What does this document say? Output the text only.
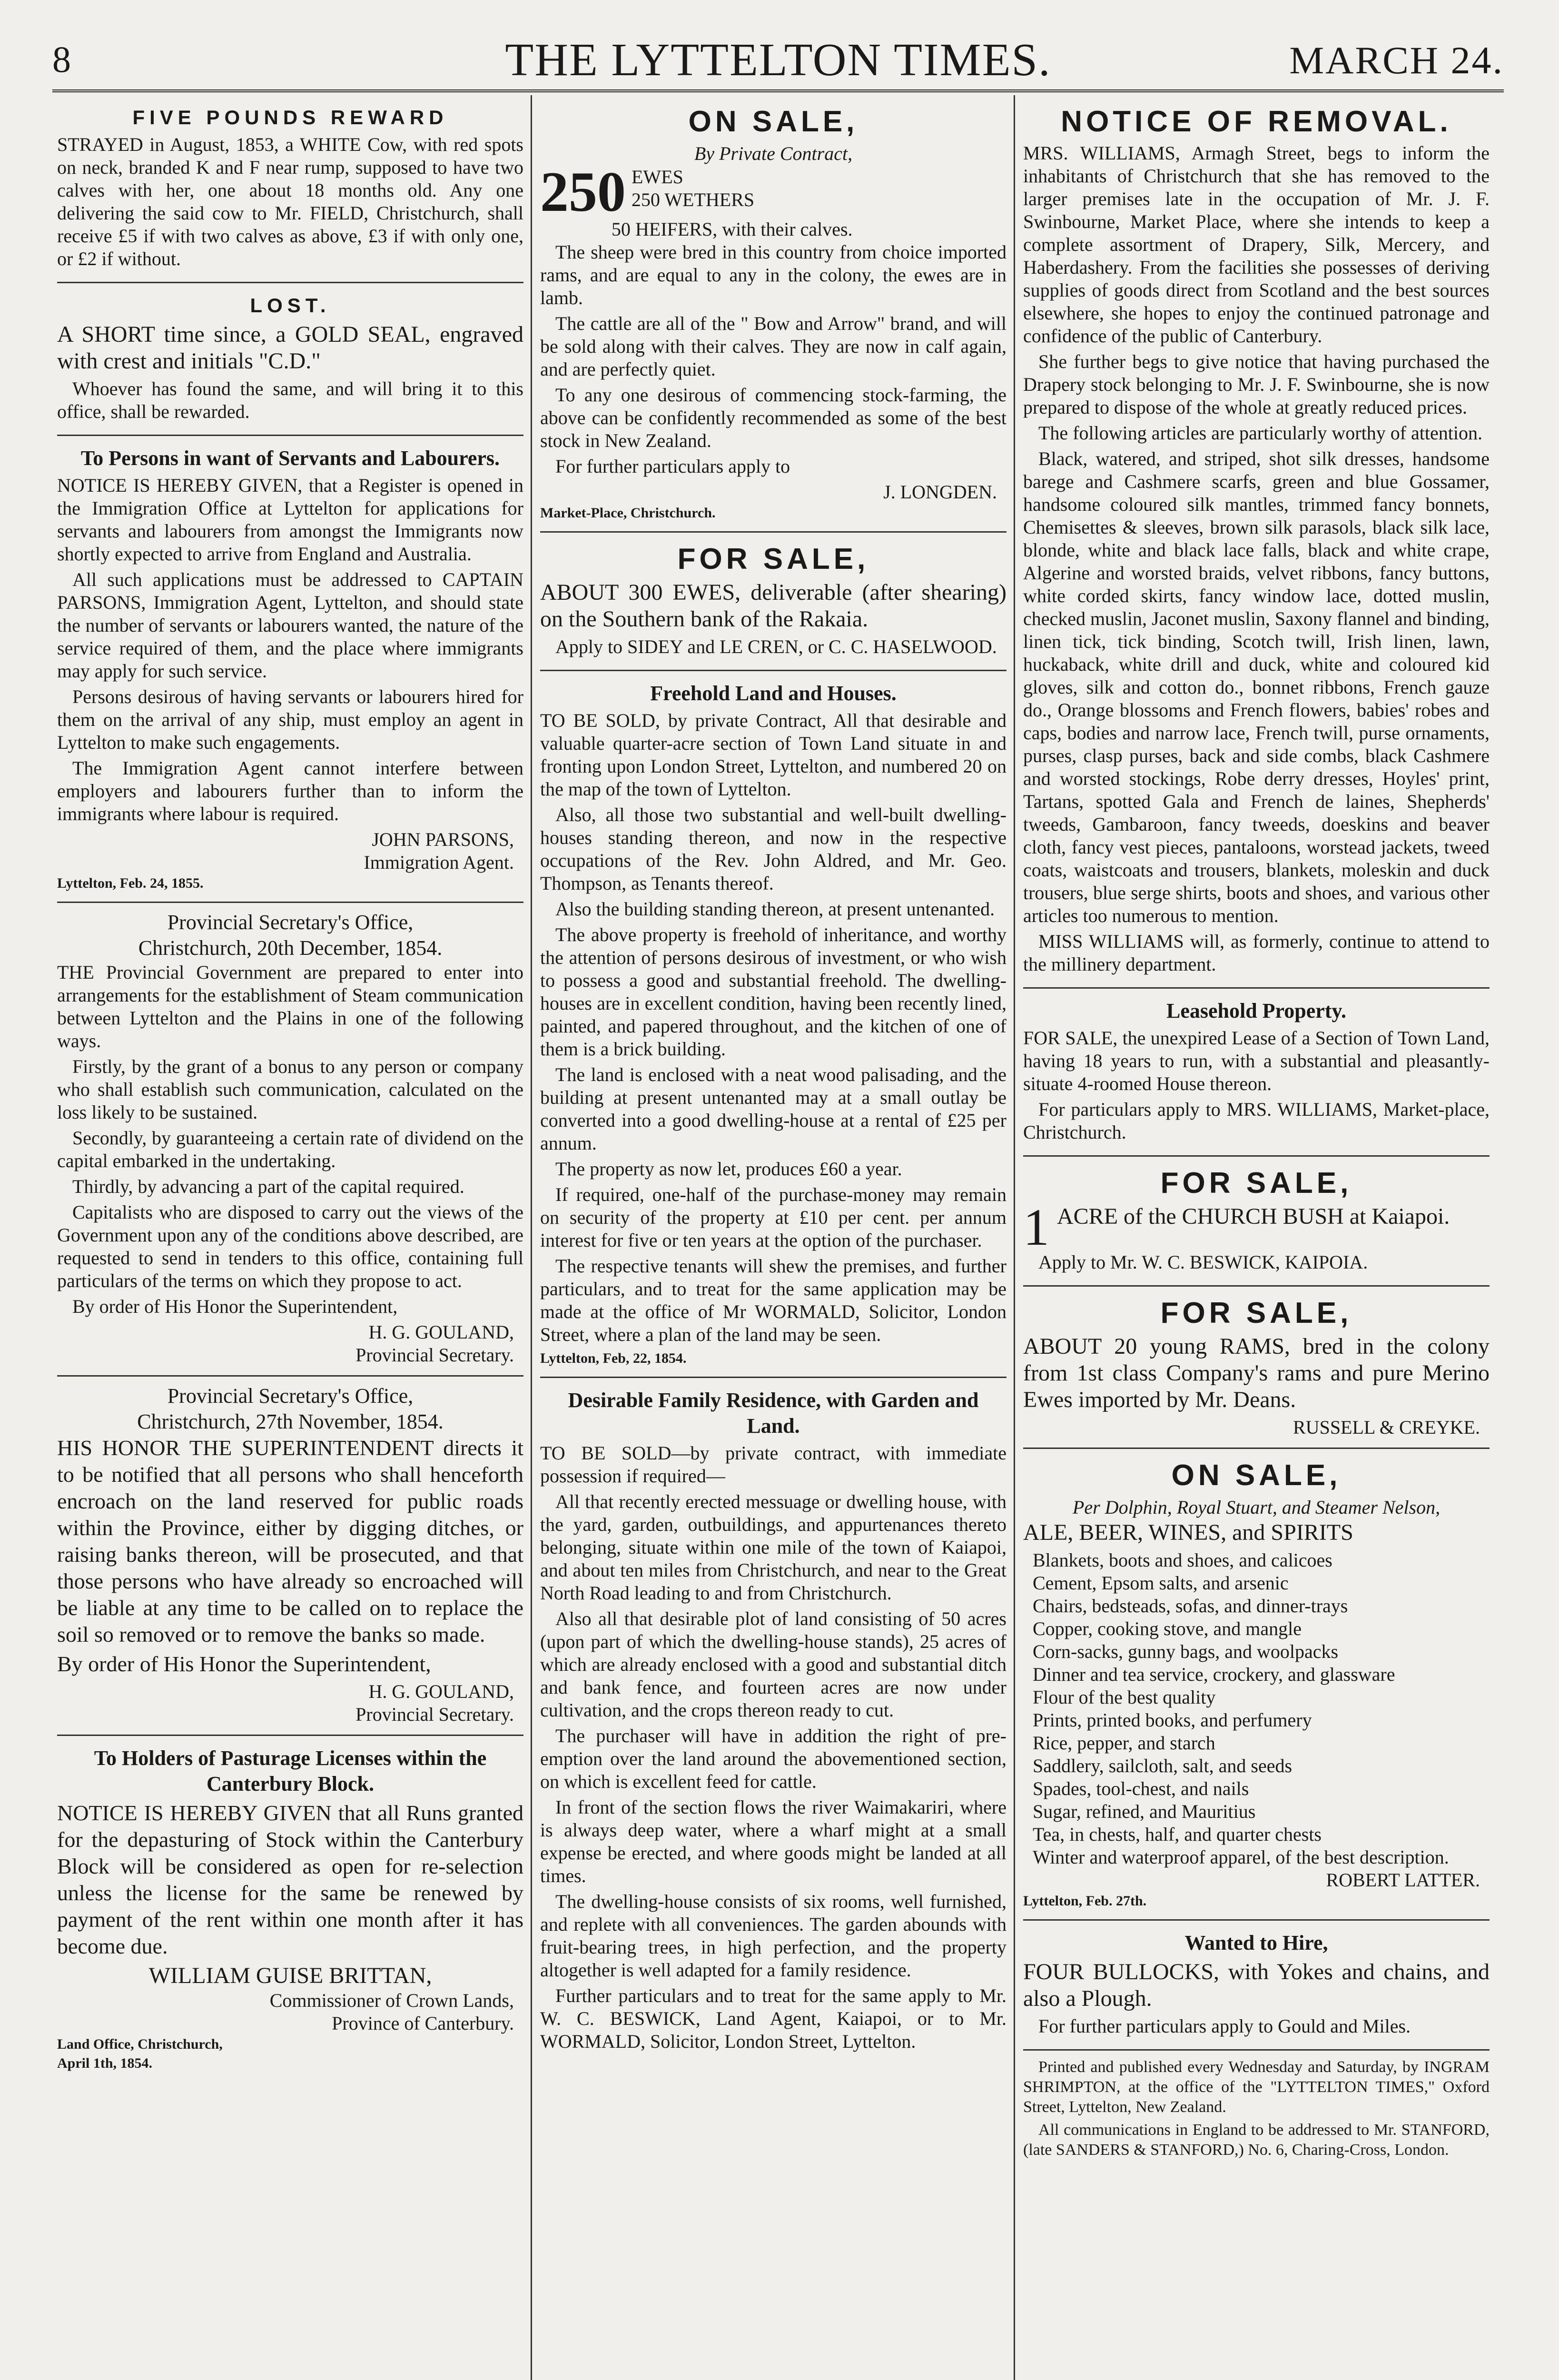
8	THE LYTTELTON TIMES.	MARCH 24.
FIVE POUNDS REWARD

STRAYED in August, 1853, a WHITE Cow, with red spots on neck, branded K and F near rump, supposed to have two calves with her, one about 18 months old. Any one delivering the said cow to Mr. FIELD, Christchurch, shall receive £5 if with two calves as above, £3 if with only one, or £2 if without.

LOST.

A SHORT time since, a GOLD SEAL, engraved with crest and initials "C.D."

Whoever has found the same, and will bring it to this office, shall be rewarded.

To Persons in want of Servants and Labourers.

NOTICE IS HEREBY GIVEN, that a Register is opened in the Immigration Office at Lyttelton for applications for servants and labourers from amongst the Immigrants now shortly expected to arrive from England and Australia.

All such applications must be addressed to CAPTAIN PARSONS, Immigration Agent, Lyttelton, and should state the number of servants or labourers wanted, the nature of the service required of them, and the place where immigrants may apply for such service.

Persons desirous of having servants or labourers hired for them on the arrival of any ship, must employ an agent in Lyttelton to make such engagements.

The Immigration Agent cannot interfere between employers and labourers further than to inform the immigrants where labour is required.

JOHN PARSONS,
Immigration Agent.
Lyttelton, Feb. 24, 1855.
Provincial Secretary's Office,
Christchurch, 20th December, 1854.

THE Provincial Government are prepared to enter into arrangements for the establishment of Steam communication between Lyttelton and the Plains in one of the following ways.

Firstly, by the grant of a bonus to any person or company who shall establish such communication, calculated on the loss likely to be sustained.

Secondly, by guaranteeing a certain rate of dividend on the capital embarked in the undertaking.

Thirdly, by advancing a part of the capital required.

Capitalists who are disposed to carry out the views of the Government upon any of the conditions above described, are requested to send in tenders to this office, containing full particulars of the terms on which they propose to act.

By order of His Honor the Superintendent,

H. G. GOULAND,
Provincial Secretary.
Provincial Secretary's Office,
Christchurch, 27th November, 1854.

HIS HONOR THE SUPERINTENDENT directs it to be notified that all persons who shall henceforth encroach on the land reserved for public roads within the Province, either by digging ditches, or raising banks thereon, will be prosecuted, and that those persons who have already so encroached will be liable at any time to be called on to replace the soil so removed or to remove the banks so made.

By order of His Honor the Superintendent,

H. G. GOULAND,
Provincial Secretary.
To Holders of Pasturage Licenses within the Canterbury Block.

NOTICE IS HEREBY GIVEN that all Runs granted for the depasturing of Stock within the Canterbury Block will be considered as open for re-selection unless the license for the same be renewed by payment of the rent within one month after it has become due.

WILLIAM GUISE BRITTAN,
Commissioner of Crown Lands,
Province of Canterbury.
Land Office, Christchurch,
April 1th, 1854.
ON SALE,
By Private Contract,
250 EWES
250 WETHERS
50 HEIFERS, with their calves.

The sheep were bred in this country from choice imported rams, and are equal to any in the colony, the ewes are in lamb.

The cattle are all of the " Bow and Arrow" brand, and will be sold along with their calves. They are now in calf again, and are perfectly quiet.

To any one desirous of commencing stock-farming, the above can be confidently recommended as some of the best stock in New Zealand.

For further particulars apply to

J. LONGDEN.
Market-Place, Christchurch.
FOR SALE,

ABOUT 300 EWES, deliverable (after shearing) on the Southern bank of the Rakaia.

Apply to SIDEY and LE CREN, or C. C. HASELWOOD.

Freehold Land and Houses.

TO BE SOLD, by private Contract, All that desirable and valuable quarter-acre section of Town Land situate in and fronting upon London Street, Lyttelton, and numbered 20 on the map of the town of Lyttelton.

Also, all those two substantial and well-built dwelling-houses standing thereon, and now in the respective occupations of the Rev. John Aldred, and Mr. Geo. Thompson, as Tenants thereof.

Also the building standing thereon, at present untenanted.

The above property is freehold of inheritance, and worthy the attention of persons desirous of investment, or who wish to possess a good and substantial freehold. The dwelling-houses are in excellent condition, having been recently lined, painted, and papered throughout, and the kitchen of one of them is a brick building.

The land is enclosed with a neat wood palisading, and the building at present untenanted may at a small outlay be converted into a good dwelling-house at a rental of £25 per annum.

The property as now let, produces £60 a year.

If required, one-half of the purchase-money may remain on security of the property at £10 per cent. per annum interest for five or ten years at the option of the purchaser.

The respective tenants will shew the premises, and further particulars, and to treat for the same application may be made at the office of Mr WORMALD, Solicitor, London Street, where a plan of the land may be seen.

Lyttelton, Feb, 22, 1854.
Desirable Family Residence, with Garden and Land.

TO BE SOLD—by private contract, with immediate possession if required—

All that recently erected messuage or dwelling house, with the yard, garden, outbuildings, and appurtenances thereto belonging, situate within one mile of the town of Kaiapoi, and about ten miles from Christchurch, and near to the Great North Road leading to and from Christchurch.

Also all that desirable plot of land consisting of 50 acres (upon part of which the dwelling-house stands), 25 acres of which are already enclosed with a good and substantial ditch and bank fence, and fourteen acres are now under cultivation, and the crops thereon ready to cut.

The purchaser will have in addition the right of pre-emption over the land around the abovementioned section, on which is excellent feed for cattle.

In front of the section flows the river Waimakariri, where is always deep water, where a wharf might at a small expense be erected, and where goods might be landed at all times.

The dwelling-house consists of six rooms, well furnished, and replete with all conveniences. The garden abounds with fruit-bearing trees, in high perfection, and the property altogether is well adapted for a family residence.

Further particulars and to treat for the same apply to Mr. W. C. BESWICK, Land Agent, Kaiapoi, or to Mr. WORMALD, Solicitor, London Street, Lyttelton.

NOTICE OF REMOVAL.

MRS. WILLIAMS, Armagh Street, begs to inform the inhabitants of Christchurch that she has removed to the larger premises late in the occupation of Mr. J. F. Swinbourne, Market Place, where she intends to keep a complete assortment of Drapery, Silk, Mercery, and Haberdashery. From the facilities she possesses of deriving supplies of goods direct from Scotland and the best sources elsewhere, she hopes to enjoy the continued patronage and confidence of the public of Canterbury.

She further begs to give notice that having purchased the Drapery stock belonging to Mr. J. F. Swinbourne, she is now prepared to dispose of the whole at greatly reduced prices.

The following articles are particularly worthy of attention.

Black, watered, and striped, shot silk dresses, handsome barege and Cashmere scarfs, green and blue Gossamer, handsome coloured silk mantles, trimmed fancy bonnets, Chemisettes & sleeves, brown silk parasols, black silk lace, blonde, white and black lace falls, black and white crape, Algerine and worsted braids, velvet ribbons, fancy buttons, white corded skirts, fancy window lace, dotted muslin, checked muslin, Jaconet muslin, Saxony flannel and binding, linen tick, tick binding, Scotch twill, Irish linen, lawn, huckaback, white drill and duck, white and coloured kid gloves, silk and cotton do., bonnet ribbons, French gauze do., Orange blossoms and French flowers, babies' robes and caps, bodies and narrow lace, French twill, purse ornaments, purses, clasp purses, back and side combs, black Cashmere and worsted stockings, Robe derry dresses, Hoyles' print, Tartans, spotted Gala and French de laines, Shepherds' tweeds, Gambaroon, fancy tweeds, doeskins and beaver cloth, fancy vest pieces, pantaloons, worstead jackets, tweed coats, waistcoats and trousers, blankets, moleskin and duck trousers, blue serge shirts, boots and shoes, and various other articles too numerous to mention.

MISS WILLIAMS will, as formerly, continue to attend to the millinery department.

Leasehold Property.

FOR SALE, the unexpired Lease of a Section of Town Land, having 18 years to run, with a substantial and pleasantly-situate 4-roomed House thereon.

For particulars apply to MRS. WILLIAMS, Market-place, Christchurch.

FOR SALE,
1 ACRE of the CHURCH BUSH at Kaiapoi.

Apply to Mr. W. C. BESWICK, KAIPOIA.

FOR SALE,

ABOUT 20 young RAMS, bred in the colony from 1st class Company's rams and pure Merino Ewes imported by Mr. Deans.

RUSSELL & CREYKE.
ON SALE,
Per Dolphin, Royal Stuart, and Steamer Nelson,

ALE, BEER, WINES, and SPIRITS

Blankets, boots and shoes, and calicoes
Cement, Epsom salts, and arsenic
Chairs, bedsteads, sofas, and dinner-trays
Copper, cooking stove, and mangle
Corn-sacks, gunny bags, and woolpacks
Dinner and tea service, crockery, and glassware
Flour of the best quality
Prints, printed books, and perfumery
Rice, pepper, and starch
Saddlery, sailcloth, salt, and seeds
Spades, tool-chest, and nails
Sugar, refined, and Mauritius
Tea, in chests, half, and quarter chests
Winter and waterproof apparel, of the best description.
ROBERT LATTER.
Lyttelton, Feb. 27th.
Wanted to Hire,

FOUR BULLOCKS, with Yokes and chains, and also a Plough.

For further particulars apply to Gould and Miles.

Printed and published every Wednesday and Saturday, by INGRAM SHRIMPTON, at the office of the "LYTTELTON TIMES," Oxford Street, Lyttelton, New Zealand.

All communications in England to be addressed to Mr. STANFORD, (late SANDERS & STANFORD,) No. 6, Charing-Cross, London.
